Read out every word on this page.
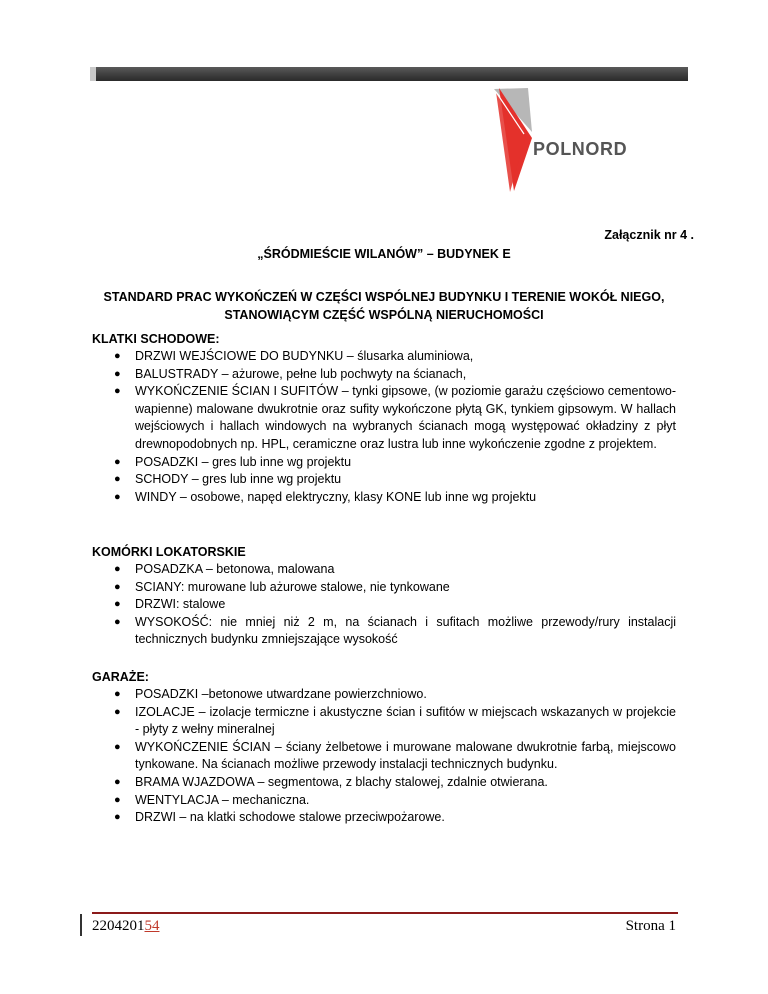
POLNORD
Załącznik nr 4 .
„ŚRÓDMIEŚCIE WILANÓW” – BUDYNEK E
STANDARD PRAC WYKOŃCZEŃ W CZĘŚCI WSPÓLNEJ BUDYNKU I TERENIE WOKÓŁ NIEGO,
STANOWIĄCYM CZĘŚĆ WSPÓLNĄ NIERUCHOMOŚCI
KLATKI SCHODOWE:
● DRZWI WEJŚCIOWE DO BUDYNKU – ślusarka aluminiowa,
● BALUSTRADY – ażurowe, pełne lub pochwyty na ścianach,
● WYKOŃCZENIE ŚCIAN I SUFITÓW – tynki gipsowe, (w poziomie garażu częściowo cementowo-wapienne) malowane dwukrotnie oraz sufity wykończone płytą GK, tynkiem gipsowym. W hallach wejściowych i hallach windowych na wybranych ścianach mogą występować okładziny z płyt drewnopodobnych np. HPL, ceramiczne oraz lustra lub inne wykończenie zgodne z projektem.
● POSADZKI – gres lub inne wg projektu
● SCHODY – gres lub inne wg projektu
● WINDY – osobowe, napęd elektryczny, klasy KONE lub inne wg projektu
KOMÓRKI LOKATORSKIE
● POSADZKA – betonowa, malowana
● SCIANY: murowane lub ażurowe stalowe, nie tynkowane
● DRZWI: stalowe
● WYSOKOŚĆ: nie mniej niż 2 m, na ścianach i sufitach możliwe przewody/rury instalacji technicznych budynku zmniejszające wysokość
GARAŻE:
● POSADZKI –betonowe utwardzane powierzchniowo.
● IZOLACJE – izolacje termiczne i akustyczne ścian i sufitów w miejscach wskazanych w projekcie - płyty z wełny mineralnej
● WYKOŃCZENIE ŚCIAN – ściany żelbetowe i murowane malowane dwukrotnie farbą, miejscowo tynkowane. Na ścianach możliwe przewody instalacji technicznych budynku.
● BRAMA WJAZDOWA – segmentowa, z blachy stalowej, zdalnie otwierana.
● WENTYLACJA – mechaniczna.
● DRZWI – na klatki schodowe stalowe przeciwpożarowe.
220420154	Strona 1
